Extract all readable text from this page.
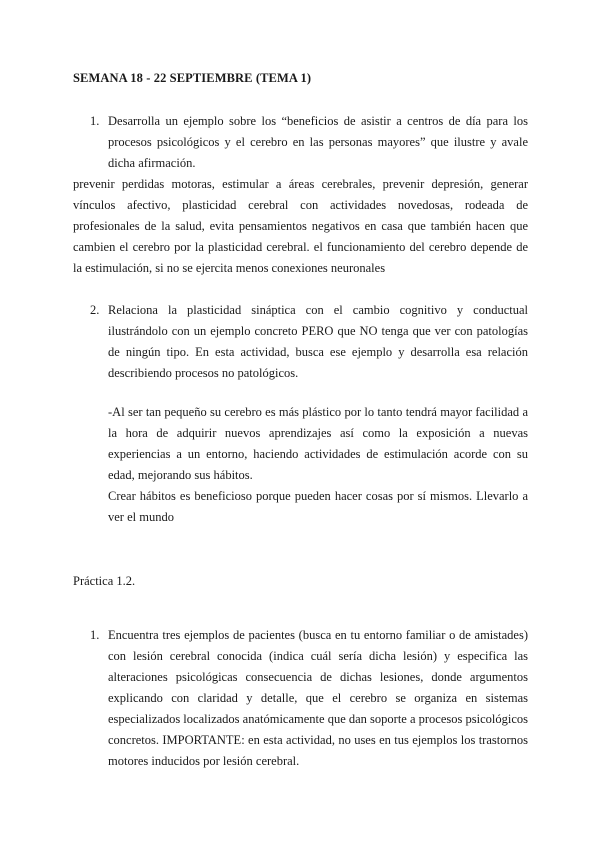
SEMANA 18 - 22 SEPTIEMBRE (TEMA 1)
1. Desarrolla un ejemplo sobre los “beneficios de asistir a centros de día para los procesos psicológicos y el cerebro en las personas mayores” que ilustre y avale dicha afirmación.
prevenir perdidas motoras, estimular a áreas cerebrales, prevenir depresión, generar vínculos afectivo, plasticidad cerebral con actividades novedosas, rodeada de profesionales de la salud, evita pensamientos negativos en casa que también hacen que cambien el cerebro por la plasticidad cerebral. el funcionamiento del cerebro depende de la estimulación, si no se ejercita menos conexiones neuronales
2. Relaciona la plasticidad sináptica con el cambio cognitivo y conductual ilustrándolo con un ejemplo concreto PERO que NO tenga que ver con patologías de ningún tipo. En esta actividad, busca ese ejemplo y desarrolla esa relación describiendo procesos no patológicos.
-Al ser tan pequeño su cerebro es más plástico por lo tanto tendrá mayor facilidad a la hora de adquirir nuevos aprendizajes así como la exposición a nuevas experiencias a un entorno, haciendo actividades de estimulación acorde con su edad, mejorando sus hábitos.
Crear hábitos es beneficioso porque pueden hacer cosas por sí mismos. Llevarlo a ver el mundo
Práctica 1.2.
1. Encuentra tres ejemplos de pacientes (busca en tu entorno familiar o de amistades) con lesión cerebral conocida (indica cuál sería dicha lesión) y especifica las alteraciones psicológicas consecuencia de dichas lesiones, donde argumentos explicando con claridad y detalle, que el cerebro se organiza en sistemas especializados localizados anatómicamente que dan soporte a procesos psicológicos concretos. IMPORTANTE: en esta actividad, no uses en tus ejemplos los trastornos motores inducidos por lesión cerebral.
